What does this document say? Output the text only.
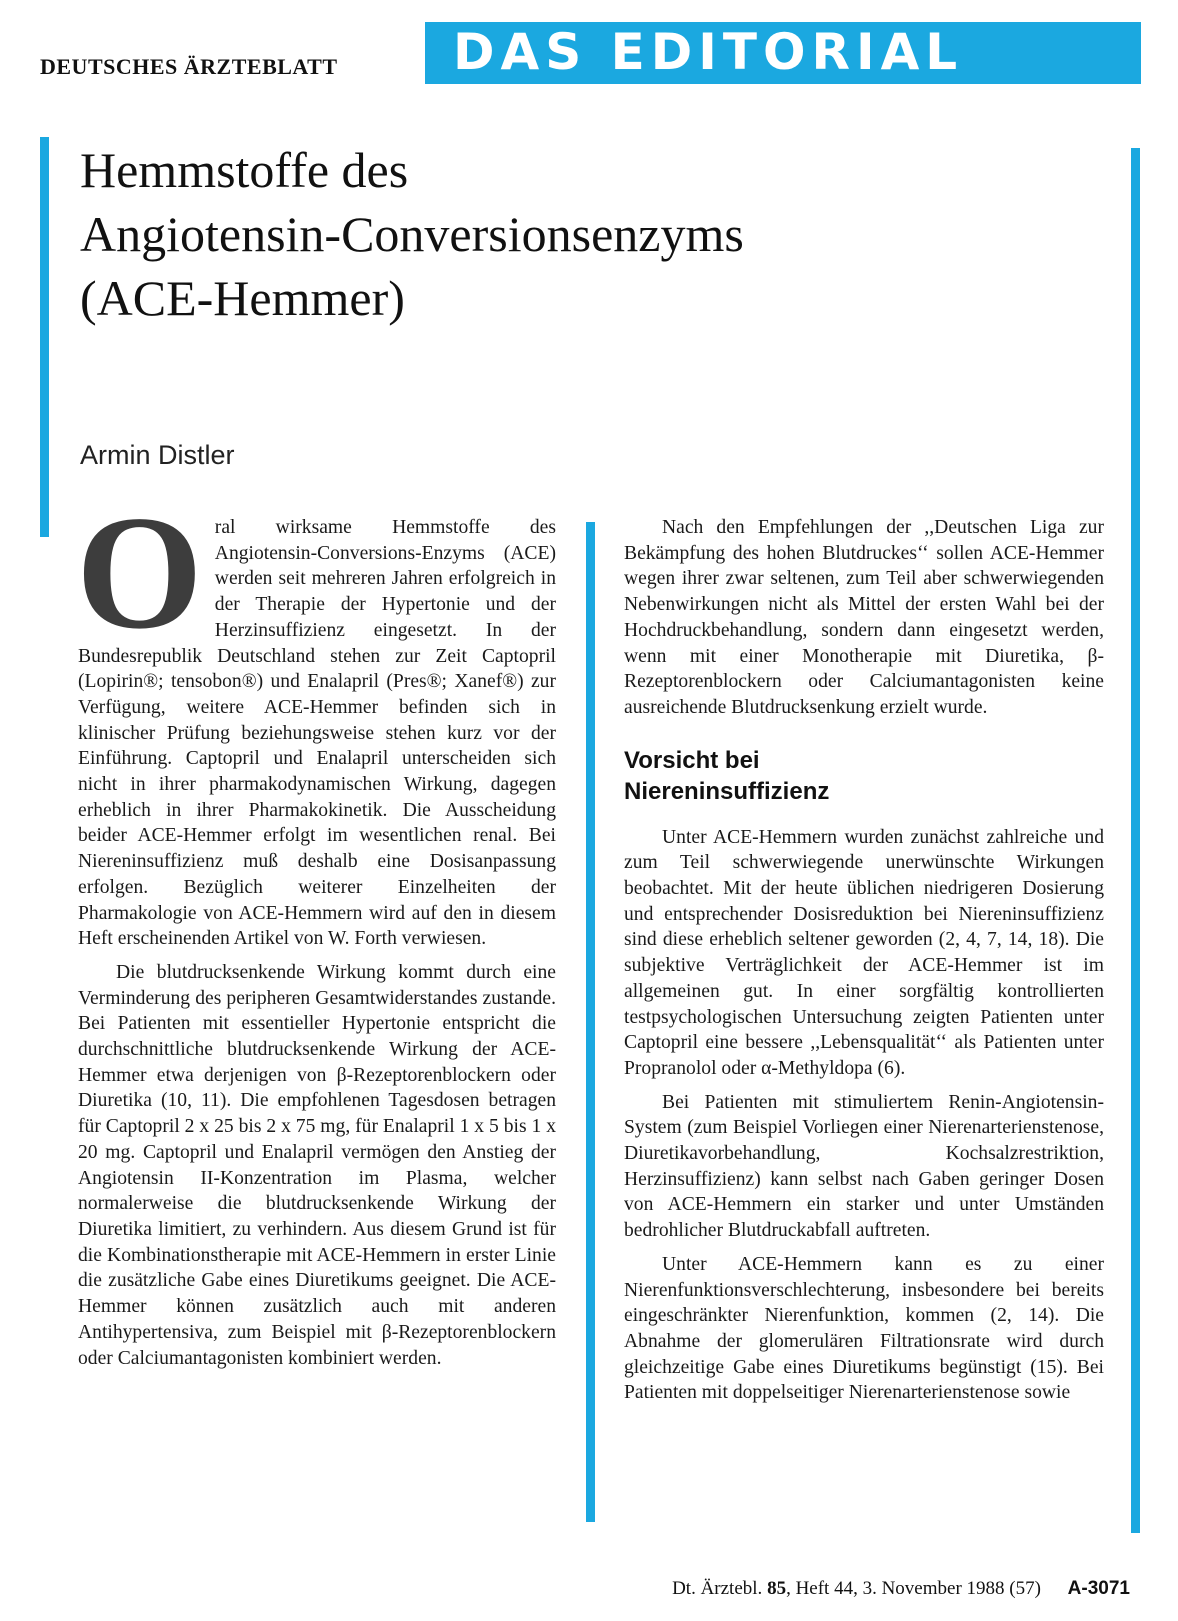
DEUTSCHES ÄRZTEBLATT DAS EDITORIAL
Hemmstoffe des
Angiotensin-Conversionsenzyms
(ACE-Hemmer)
Armin Distler

Oral wirksame Hemmstoffe des Angiotensin-Conversions-Enzyms (ACE) werden seit mehreren Jahren erfolgreich in der Therapie der Hypertonie und der Herzinsuffizienz eingesetzt. In der Bundesrepublik Deutschland stehen zur Zeit Captopril (Lopirin®; tensobon®) und Enalapril (Pres®; Xanef®) zur Verfügung, weitere ACE-Hemmer befinden sich in klinischer Prüfung beziehungsweise stehen kurz vor der Einführung. Captopril und Enalapril unterscheiden sich nicht in ihrer pharmakodynamischen Wirkung, dagegen erheblich in ihrer Pharmakokinetik. Die Ausscheidung beider ACE-Hemmer erfolgt im wesentlichen renal. Bei Niereninsuffizienz muß deshalb eine Dosisanpassung erfolgen. Bezüglich weiterer Einzelheiten der Pharmakologie von ACE-Hemmern wird auf den in diesem Heft erscheinenden Artikel von W. Forth verwiesen.

Die blutdrucksenkende Wirkung kommt durch eine Verminderung des peripheren Gesamtwiderstandes zustande. Bei Patienten mit essentieller Hypertonie entspricht die durchschnittliche blutdrucksenkende Wirkung der ACE-Hemmer etwa derjenigen von β-Rezeptorenblockern oder Diuretika (10, 11). Die empfohlenen Tagesdosen betragen für Captopril 2 x 25 bis 2 x 75 mg, für Enalapril 1 x 5 bis 1 x 20 mg. Captopril und Enalapril vermögen den Anstieg der Angiotensin II-Konzentration im Plasma, welcher normalerweise die blutdrucksenkende Wirkung der Diuretika limitiert, zu verhindern. Aus diesem Grund ist für die Kombinationstherapie mit ACE-Hemmern in erster Linie die zusätzliche Gabe eines Diuretikums geeignet. Die ACE-Hemmer können zusätzlich auch mit anderen Antihypertensiva, zum Beispiel mit β-Rezeptorenblockern oder Calciumantagonisten kombiniert werden.

Nach den Empfehlungen der ,,Deutschen Liga zur Bekämpfung des hohen Blutdruckes‘‘ sollen ACE-Hemmer wegen ihrer zwar seltenen, zum Teil aber schwerwiegenden Nebenwirkungen nicht als Mittel der ersten Wahl bei der Hochdruckbehandlung, sondern dann eingesetzt werden, wenn mit einer Monotherapie mit Diuretika, β-Rezeptorenblockern oder Calciumantagonisten keine ausreichende Blutdrucksenkung erzielt wurde.

Vorsicht bei
Niereninsuffizienz

Unter ACE-Hemmern wurden zunächst zahlreiche und zum Teil schwerwiegende unerwünschte Wirkungen beobachtet. Mit der heute üblichen niedrigeren Dosierung und entsprechender Dosisreduktion bei Niereninsuffizienz sind diese erheblich seltener geworden (2, 4, 7, 14, 18). Die subjektive Verträglichkeit der ACE-Hemmer ist im allgemeinen gut. In einer sorgfältig kontrollierten testpsychologischen Untersuchung zeigten Patienten unter Captopril eine bessere ,,Lebensqualität‘‘ als Patienten unter Propranolol oder α-Methyldopa (6).

Bei Patienten mit stimuliertem Renin-Angiotensin-System (zum Beispiel Vorliegen einer Nierenarterienstenose, Diuretikavorbehandlung, Kochsalzrestriktion, Herzinsuffizienz) kann selbst nach Gaben geringer Dosen von ACE-Hemmern ein starker und unter Umständen bedrohlicher Blutdruckabfall auftreten.

Unter ACE-Hemmern kann es zu einer Nierenfunktionsverschlechterung, insbesondere bei bereits eingeschränkter Nierenfunktion, kommen (2, 14). Die Abnahme der glomerulären Filtrationsrate wird durch gleichzeitige Gabe eines Diuretikums begünstigt (15). Bei Patienten mit doppelseitiger Nierenarterienstenose sowie

Dt. Ärztebl. 85, Heft 44, 3. November 1988 (57) A-3071
